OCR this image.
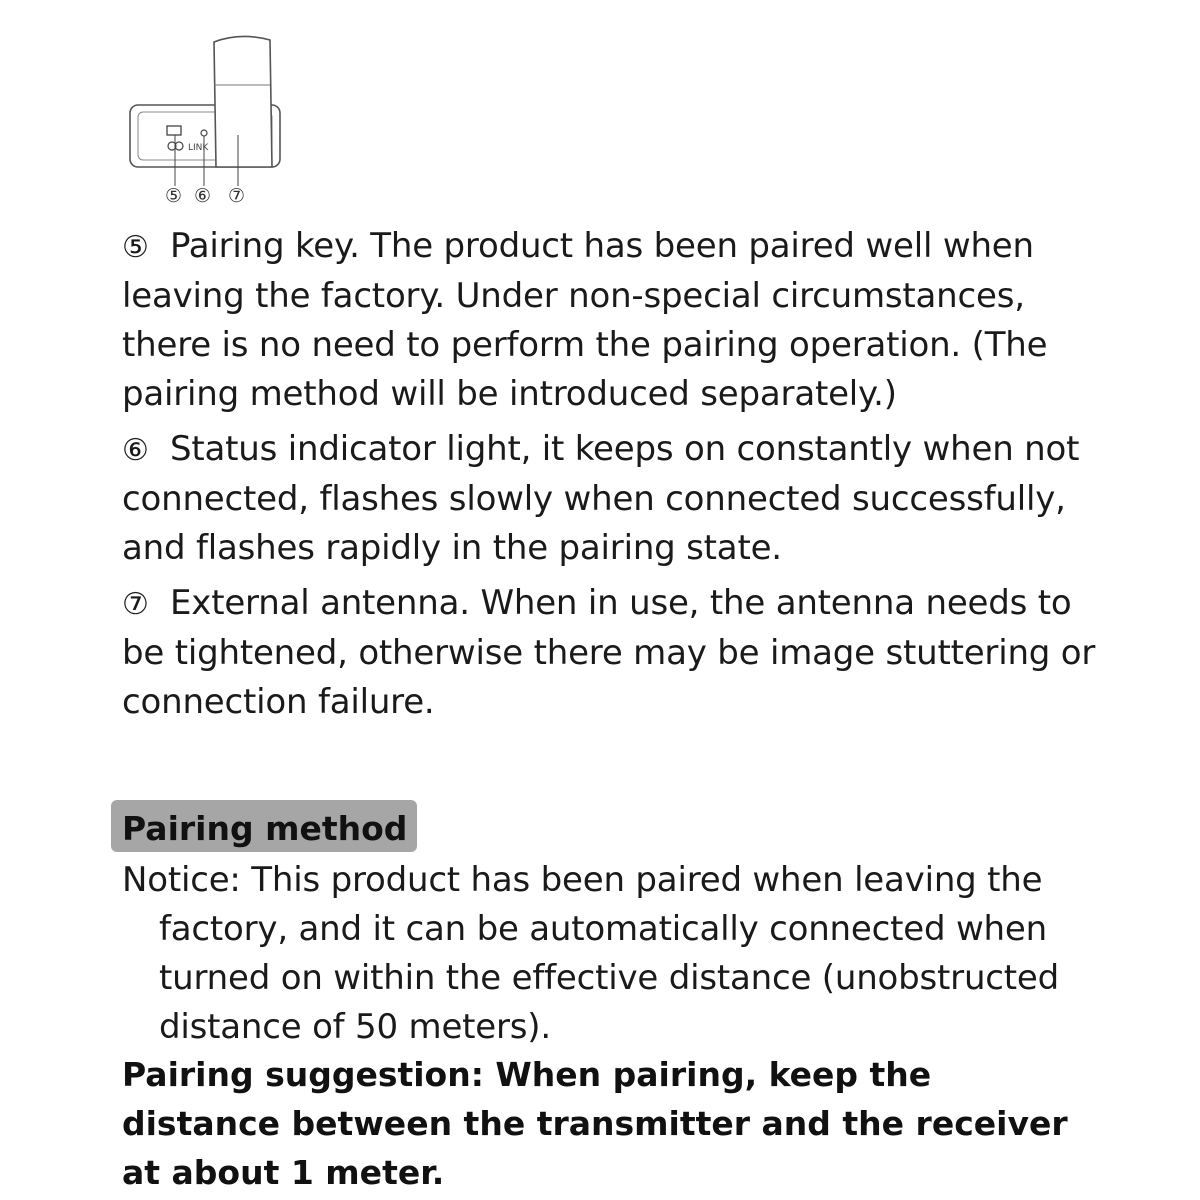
LINK
⑤ ⑥ ⑦

⑤ Pairing key. The product has been paired well when leaving the factory. Under non-special circumstances, there is no need to perform the pairing operation. (The pairing method will be introduced separately.)

⑥ Status indicator light, it keeps on constantly when not connected, flashes slowly when connected successfully, and flashes rapidly in the pairing state.

⑦ External antenna. When in use, the antenna needs to be tightened, otherwise there may be image stuttering or connection failure.

Pairing method

Notice: This product has been paired when leaving the factory, and it can be automatically connected when turned on within the effective distance (unobstructed distance of 50 meters).

Pairing suggestion: When pairing, keep the distance between the transmitter and the receiver at about 1 meter.
